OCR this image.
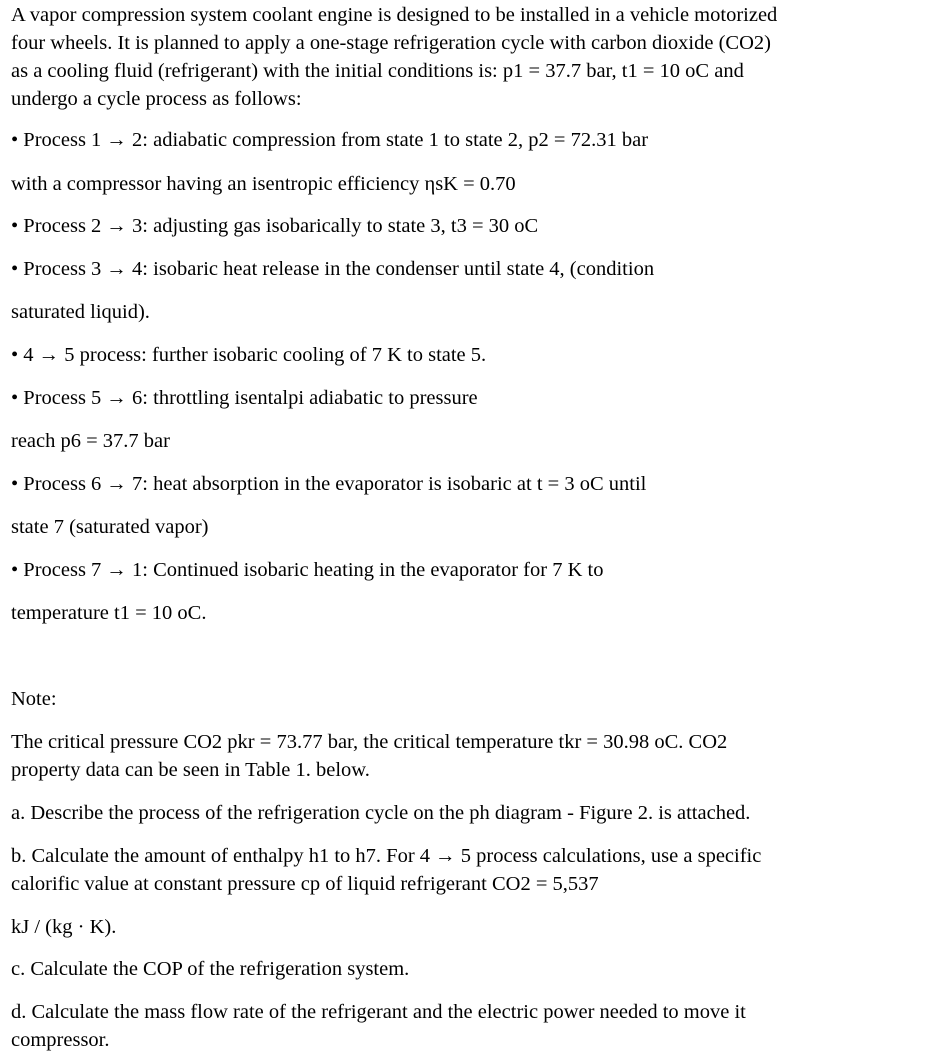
A vapor compression system coolant engine is designed to be installed in a vehicle motorized
four wheels. It is planned to apply a one-stage refrigeration cycle with carbon dioxide (CO2)
as a cooling fluid (refrigerant) with the initial conditions is: p1 = 37.7 bar, t1 = 10 oC and
undergo a cycle process as follows:
• Process 1 → 2: adiabatic compression from state 1 to state 2, p2 = 72.31 bar
with a compressor having an isentropic efficiency ηsK = 0.70
• Process 2 → 3: adjusting gas isobarically to state 3, t3 = 30 oC
• Process 3 → 4: isobaric heat release in the condenser until state 4, (condition
saturated liquid).
• 4 → 5 process: further isobaric cooling of 7 K to state 5.
• Process 5 → 6: throttling isentalpi adiabatic to pressure
reach p6 = 37.7 bar
• Process 6 → 7: heat absorption in the evaporator is isobaric at t = 3 oC until
state 7 (saturated vapor)
• Process 7 → 1: Continued isobaric heating in the evaporator for 7 K to
temperature t1 = 10 oC.
Note:
The critical pressure CO2 pkr = 73.77 bar, the critical temperature tkr = 30.98 oC. CO2
property data can be seen in Table 1. below.
a. Describe the process of the refrigeration cycle on the ph diagram - Figure 2. is attached.
b. Calculate the amount of enthalpy h1 to h7. For 4 → 5 process calculations, use a specific
calorific value at constant pressure cp of liquid refrigerant CO2 = 5,537
kJ / (kg · K).
c. Calculate the COP of the refrigeration system.
d. Calculate the mass flow rate of the refrigerant and the electric power needed to move it
compressor.
